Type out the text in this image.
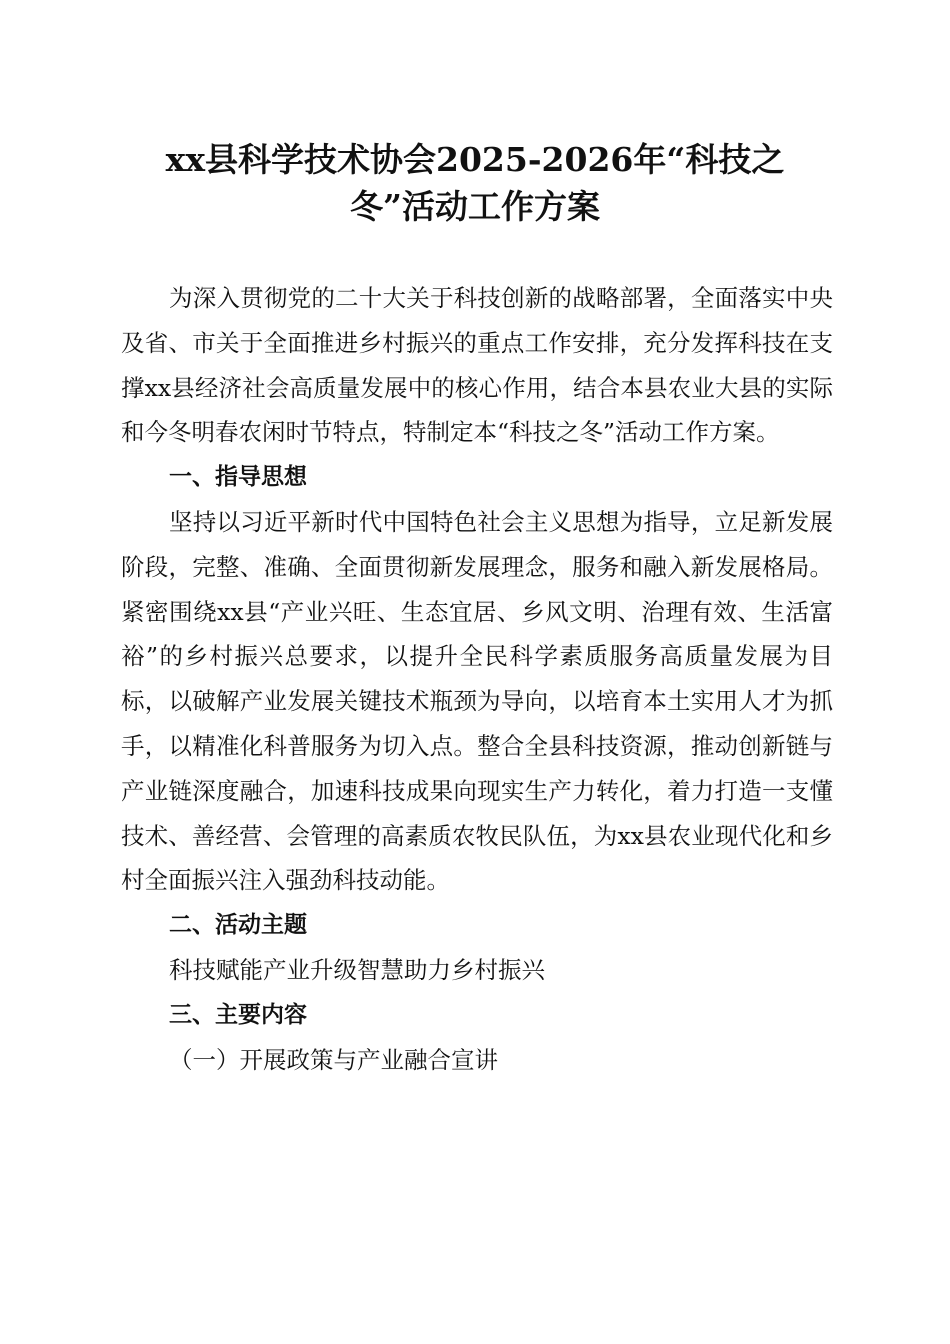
xx县科学技术协会2025-2026年“科技之
冬”活动工作方案

为深入贯彻党的二十大关于科技创新的战略部署，全面落实中央及省、市关于全面推进乡村振兴的重点工作安排，充分发挥科技在支撑xx县经济社会高质量发展中的核心作用，结合本县农业大县的实际和今冬明春农闲时节特点，特制定本“科技之冬”活动工作方案。

一、指导思想

坚持以习近平新时代中国特色社会主义思想为指导，立足新发展阶段，完整、准确、全面贯彻新发展理念，服务和融入新发展格局。紧密围绕xx县“产业兴旺、生态宜居、乡风文明、治理有效、生活富裕”的乡村振兴总要求，以提升全民科学素质服务高质量发展为目标，以破解产业发展关键技术瓶颈为导向，以培育本土实用人才为抓手，以精准化科普服务为切入点。整合全县科技资源，推动创新链与产业链深度融合，加速科技成果向现实生产力转化，着力打造一支懂技术、善经营、会管理的高素质农牧民队伍，为xx县农业现代化和乡村全面振兴注入强劲科技动能。

二、活动主题

科技赋能产业升级智慧助力乡村振兴

三、主要内容

（一）开展政策与产业融合宣讲
